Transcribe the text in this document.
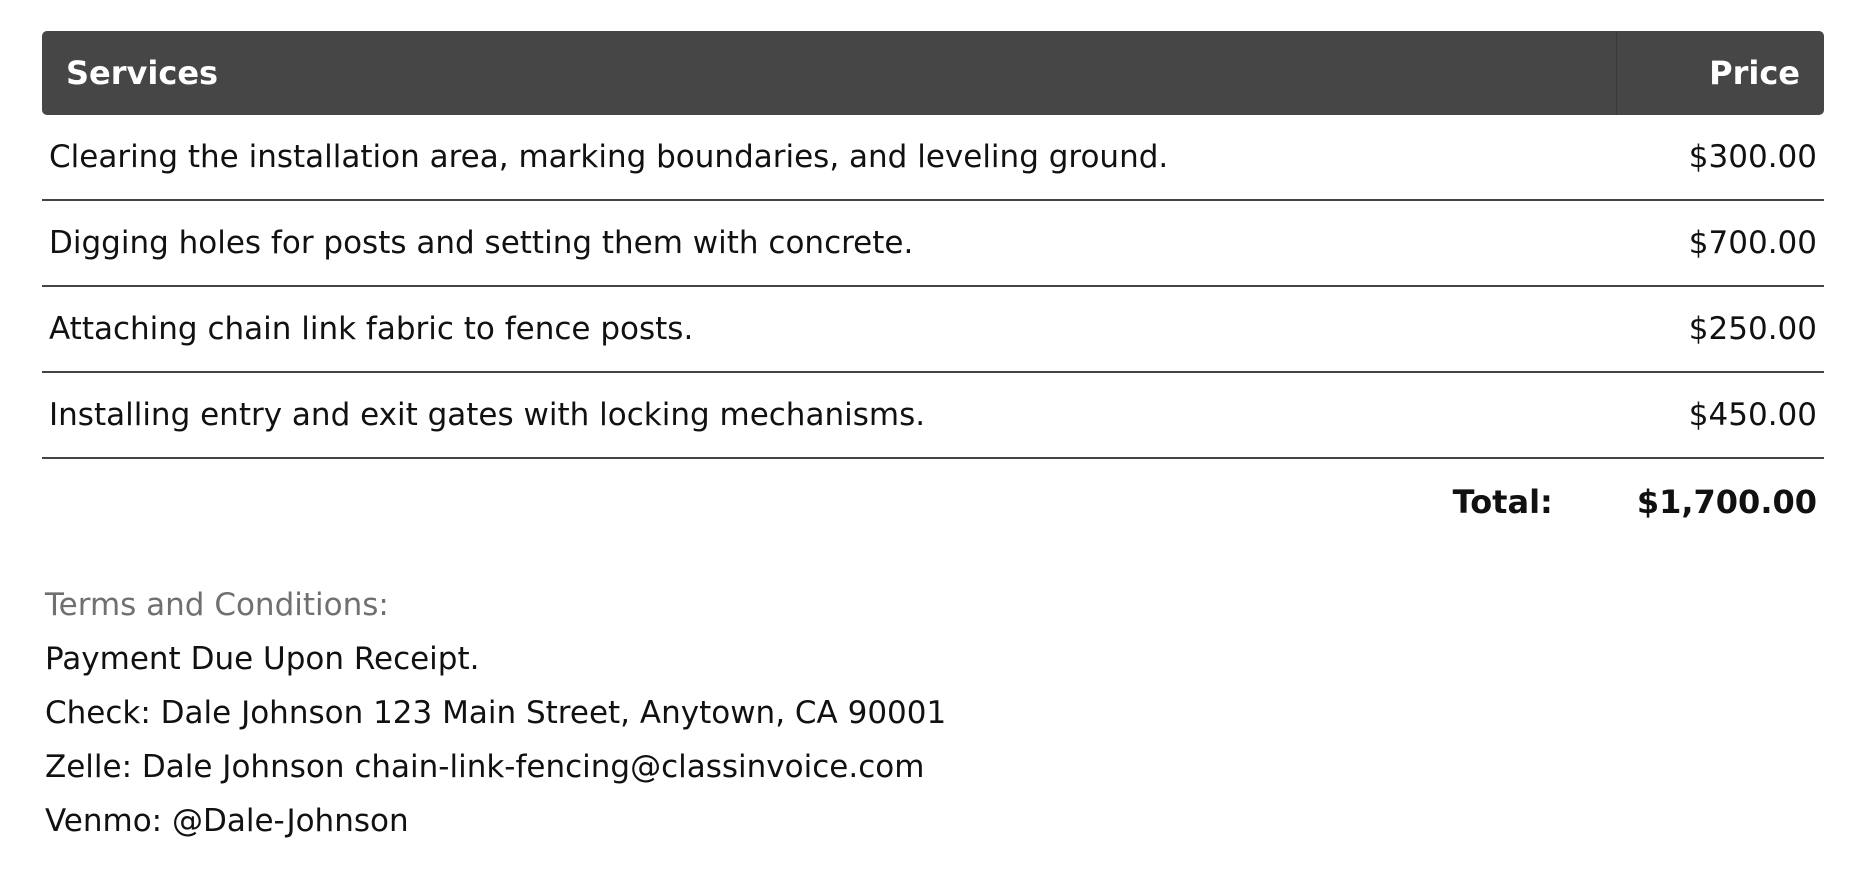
Services	Price
Clearing the installation area, marking boundaries, and leveling ground.	$300.00
Digging holes for posts and setting them with concrete.	$700.00
Attaching chain link fabric to fence posts.	$250.00
Installing entry and exit gates with locking mechanisms.	$450.00
Total:	$1,700.00
Terms and Conditions:
Payment Due Upon Receipt.
Check: Dale Johnson 123 Main Street, Anytown, CA 90001
Zelle: Dale Johnson chain-link-fencing@classinvoice.com
Venmo: @Dale-Johnson
